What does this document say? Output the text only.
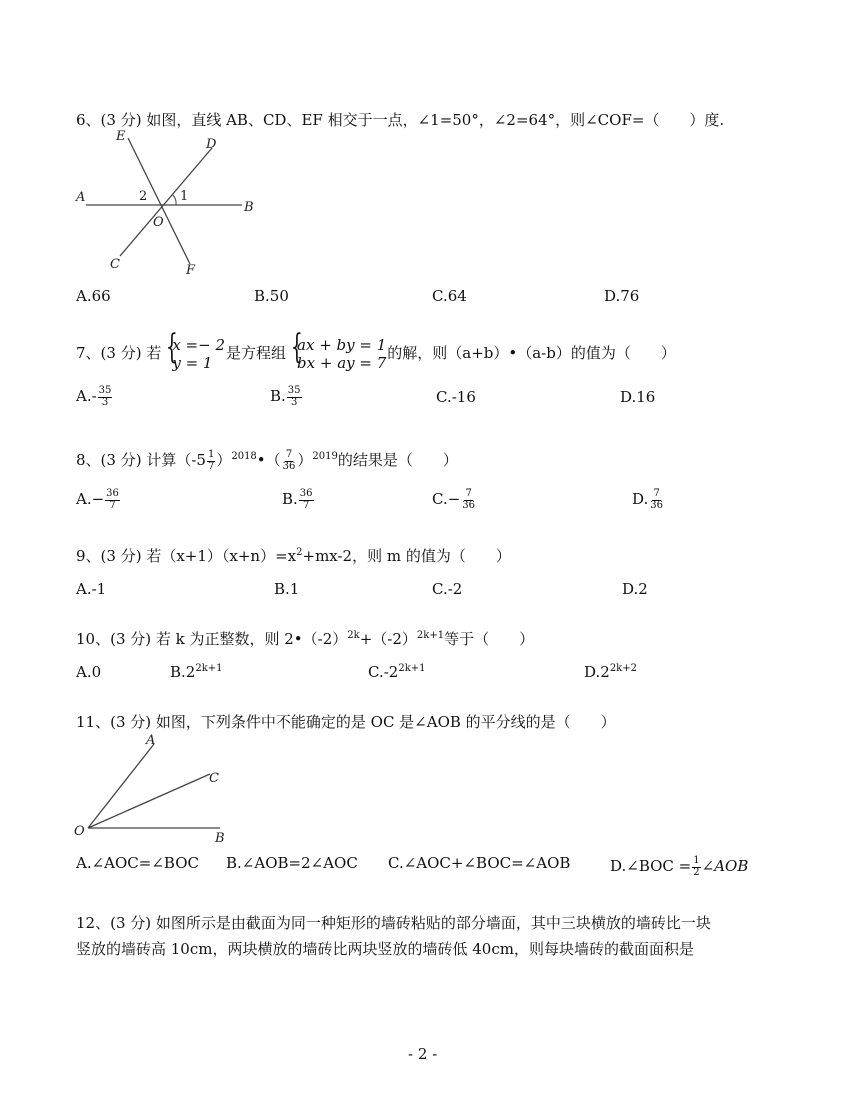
6、(3 分) 如图，直线 AB、CD、EF 相交于一点，∠1=50°，∠2=64°，则∠COF=（　　）度.
A
B
C
D
E
F
O
1
2
A.66	B.50	C.64	D.76
7、(3 分) 若 { x =− 2
y = 1
是方程组 { ax + by = 1
bx + ay = 7
的解，则（a+b）•（a-b）的值为（　　）
$A.- \frac{35}{3}$	B. $\frac{35}{3}$	C.-16	D.16
8、(3 分) 计算（$-5 \frac{1}{7}$ ）$^{2018}$•（ $\frac{7}{36} )^{2019}$的结果是（　　）
$A.- \frac{36}{7}$	B. $\frac{36}{7}$	$C.- \frac{7}{36}$	D. $\frac{7}{36}$
9、(3 分) 若$(x+1)(x+n)=x^2+mx-2$，则 m 的值为（　　）
A.-1	B.1	C.-2	D.2
10、(3 分) 若 k 为正整数，则 $2•(-2)^{2k}+(-2)^{2k+1}$等于（　　）
A.0	$B.2^{2k+1}$	$C.-2^{2k+1}$	$D.2^{2k+2}$
11、(3 分) 如图，下列条件中不能确定的是 OC 是∠AOB 的平分线的是（　　）
A
B
C
O
A.∠AOC=∠BOC B.∠AOB=2∠AOC C.∠AOC+∠BOC=∠AOB	D.∠BOC = $\frac{1}{2}$ ∠AOB
12、(3 分) 如图所示是由截面为同一种矩形的墙砖粘贴的部分墙面，其中三块横放的墙砖比一块
竖放的墙砖高 10cm，两块横放的墙砖比两块竖放的墙砖低 40cm，则每块墙砖的截面面积是
- 2 -
